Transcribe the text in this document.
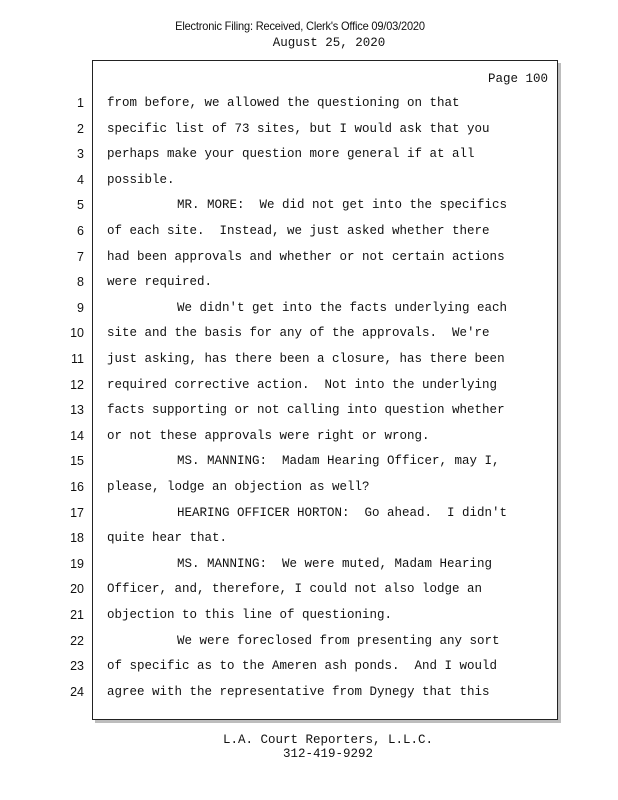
Electronic Filing: Received, Clerk's Office 09/03/2020
August 25, 2020
Page 100
1 from before, we allowed the questioning on that
2 specific list of 73 sites, but I would ask that you
3 perhaps make your question more general if at all
4 possible.
5	MR. MORE:  We did not get into the specifics
6 of each site.  Instead, we just asked whether there
7 had been approvals and whether or not certain actions
8 were required.
9	We didn't get into the facts underlying each
10 site and the basis for any of the approvals.  We're
11 just asking, has there been a closure, has there been
12 required corrective action.  Not into the underlying
13 facts supporting or not calling into question whether
14 or not these approvals were right or wrong.
15	MS. MANNING:  Madam Hearing Officer, may I,
16 please, lodge an objection as well?
17	HEARING OFFICER HORTON:  Go ahead.  I didn't
18 quite hear that.
19	MS. MANNING:  We were muted, Madam Hearing
20 Officer, and, therefore, I could not also lodge an
21 objection to this line of questioning.
22	We were foreclosed from presenting any sort
23 of specific as to the Ameren ash ponds.  And I would
24 agree with the representative from Dynegy that this
L.A. Court Reporters, L.L.C.
312-419-9292
